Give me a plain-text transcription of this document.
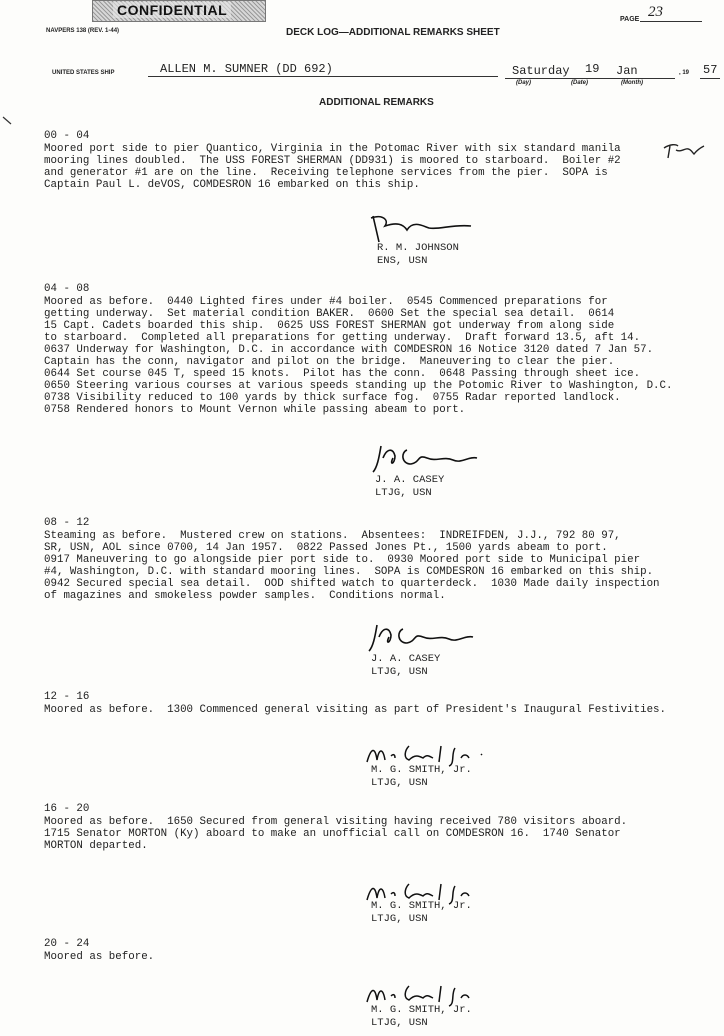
CONFIDENTIAL
NAVPERS 138 (REV. 1-44)	DECK LOG—ADDITIONAL REMARKS SHEET
PAGE 23
UNITED STATES SHIP	ALLEN M. SUMNER (DD 692)	Saturday 19 Jan	, 19 57
(Day)	(Date)	(Month)
ADDITIONAL REMARKS
00 - 04
Moored port side to pier Quantico, Virginia in the Potomac River with six standard manila
mooring lines doubled.  The USS FOREST SHERMAN (DD931) is moored to starboard.  Boiler #2
and generator #1 are on the line.  Receiving telephone services from the pier.  SOPA is
Captain Paul L. deVOS, COMDESRON 16 embarked on this ship.
R. M. JOHNSON
ENS, USN
04 - 08
Moored as before.  0440 Lighted fires under #4 boiler.  0545 Commenced preparations for
getting underway.  Set material condition BAKER.  0600 Set the special sea detail.  0614
15 Capt. Cadets boarded this ship.  0625 USS FOREST SHERMAN got underway from along side
to starboard.  Completed all preparations for getting underway.  Draft forward 13.5, aft 14.
0637 Underway for Washington, D.C. in accordance with COMDESRON 16 Notice 3120 dated 7 Jan 57.
Captain has the conn, navigator and pilot on the bridge.  Maneuvering to clear the pier.
0644 Set course 045 T, speed 15 knots.  Pilot has the conn.  0648 Passing through sheet ice.
0650 Steering various courses at various speeds standing up the Potomic River to Washington, D.C.
0738 Visibility reduced to 100 yards by thick surface fog.  0755 Radar reported landlock.
0758 Rendered honors to Mount Vernon while passing abeam to port.
J. A. CASEY
LTJG, USN
08 - 12
Steaming as before.  Mustered crew on stations.  Absentees:  INDREIFDEN, J.J., 792 80 97,
SR, USN, AOL since 0700, 14 Jan 1957.  0822 Passed Jones Pt., 1500 yards abeam to port.
0917 Maneuvering to go alongside pier port side to.  0930 Moored port side to Municipal pier
#4, Washington, D.C. with standard mooring lines.  SOPA is COMDESRON 16 embarked on this ship.
0942 Secured special sea detail.  OOD shifted watch to quarterdeck.  1030 Made daily inspection
of magazines and smokeless powder samples.  Conditions normal.
J. A. CASEY
LTJG, USN
12 - 16
Moored as before.  1300 Commenced general visiting as part of President's Inaugural Festivities.
M. G. SMITH, Jr.
LTJG, USN
16 - 20
Moored as before.  1650 Secured from general visiting having received 780 visitors aboard.
1715 Senator MORTON (Ky) aboard to make an unofficial call on COMDESRON 16.  1740 Senator
MORTON departed.
M. G. SMITH, Jr.
LTJG, USN
20 - 24
Moored as before.
M. G. SMITH, Jr.
LTJG, USN
